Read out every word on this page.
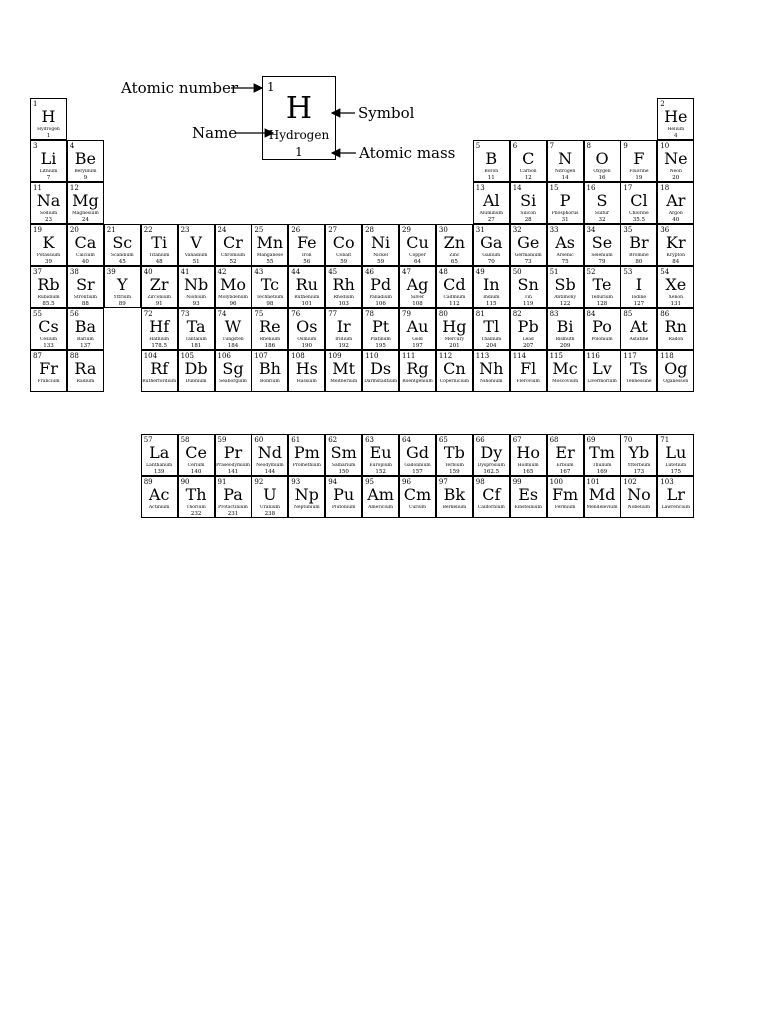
Atomic number
Name
Symbol
Atomic mass
1
H
Hydrogen
1
1
H
Hydrogen
1
2
He
Helium
4
3
Li
Lithium
7
4
Be
Beryllium
9
5
B
Boron
11
6
C
Carbon
12
7
N
Nitrogen
14
8
O
Oxygen
16
9
F
Fluorine
19
10
Ne
Neon
20
11
Na
Sodium
23
12
Mg
Magnesium
24
13
Al
Aluminum
27
14
Si
Silicon
28
15
P
Phosphorus
31
16
S
Sulfur
32
17
Cl
Chlorine
35.5
18
Ar
Argon
40
19
K
Potassium
39
20
Ca
Calcium
40
21
Sc
Scandium
45
22
Ti
Titanium
48
23
V
Vanadium
51
24
Cr
Chromium
52
25
Mn
Manganese
55
26
Fe
Iron
56
27
Co
Cobalt
59
28
Ni
Nickel
59
29
Cu
Copper
64
30
Zn
Zinc
65
31
Ga
Gallium
70
32
Ge
Germanium
73
33
As
Arsenic
75
34
Se
Selenium
79
35
Br
Bromine
80
36
Kr
Krypton
84
37
Rb
Rubidium
85.5
38
Sr
Strontium
88
39
Y
Yttrium
89
40
Zr
Zirconium
91
41
Nb
Niobium
93
42
Mo
Molybdenum
96
43
Tc
Technetium
98
44
Ru
Ruthenium
101
45
Rh
Rhodium
103
46
Pd
Palladium
106
47
Ag
Silver
108
48
Cd
Cadmium
112
49
In
Indium
115
50
Sn
Tin
119
51
Sb
Antimony
122
52
Te
Tellurium
128
53
I
Iodine
127
54
Xe
Xenon
131
55
Cs
Cesium
133
56
Ba
Barium
137
72
Hf
Hafnium
178.5
73
Ta
Tantalum
181
74
W
Tungsten
184
75
Re
Rhenium
186
76
Os
Osmium
190
77
Ir
Iridium
192
78
Pt
Platinum
195
79
Au
Gold
197
80
Hg
Mercury
201
81
Tl
Thallium
204
82
Pb
Lead
207
83
Bi
Bismuth
209
84
Po
Polonium
85
At
Astatine
86
Rn
Radon
87
Fr
Francium
88
Ra
Radium
104
Rf
Rutherfordium
105
Db
Dubnium
106
Sg
Seaborgium
107
Bh
Bohrium
108
Hs
Hassium
109
Mt
Meitnerium
110
Ds
Darmstadtium
111
Rg
Roentgenium
112
Cn
Copernicium
113
Nh
Nihonium
114
Fl
Flerovium
115
Mc
Moscovium
116
Lv
Livermorium
117
Ts
Tennessine
118
Og
Oganesson
57
La
Lanthanum
139
58
Ce
Cerium
140
59
Pr
Praseodymium
141
60
Nd
Neodymium
144
61
Pm
Promethium
62
Sm
Samarium
150
63
Eu
Europium
152
64
Gd
Gadolinium
157
65
Tb
Terbium
159
66
Dy
Dysprosium
162.5
67
Ho
Holmium
165
68
Er
Erbium
167
69
Tm
Thulium
169
70
Yb
Ytterbium
173
71
Lu
Lutetium
175
89
Ac
Actinium
90
Th
Thorium
232
91
Pa
Protactinium
231
92
U
Uranium
238
93
Np
Neptunium
94
Pu
Plutonium
95
Am
Americium
96
Cm
Curium
97
Bk
Berkelium
98
Cf
Californium
99
Es
Einsteinium
100
Fm
Fermium
101
Md
Mendelevium
102
No
Nobelium
103
Lr
Lawrencium
